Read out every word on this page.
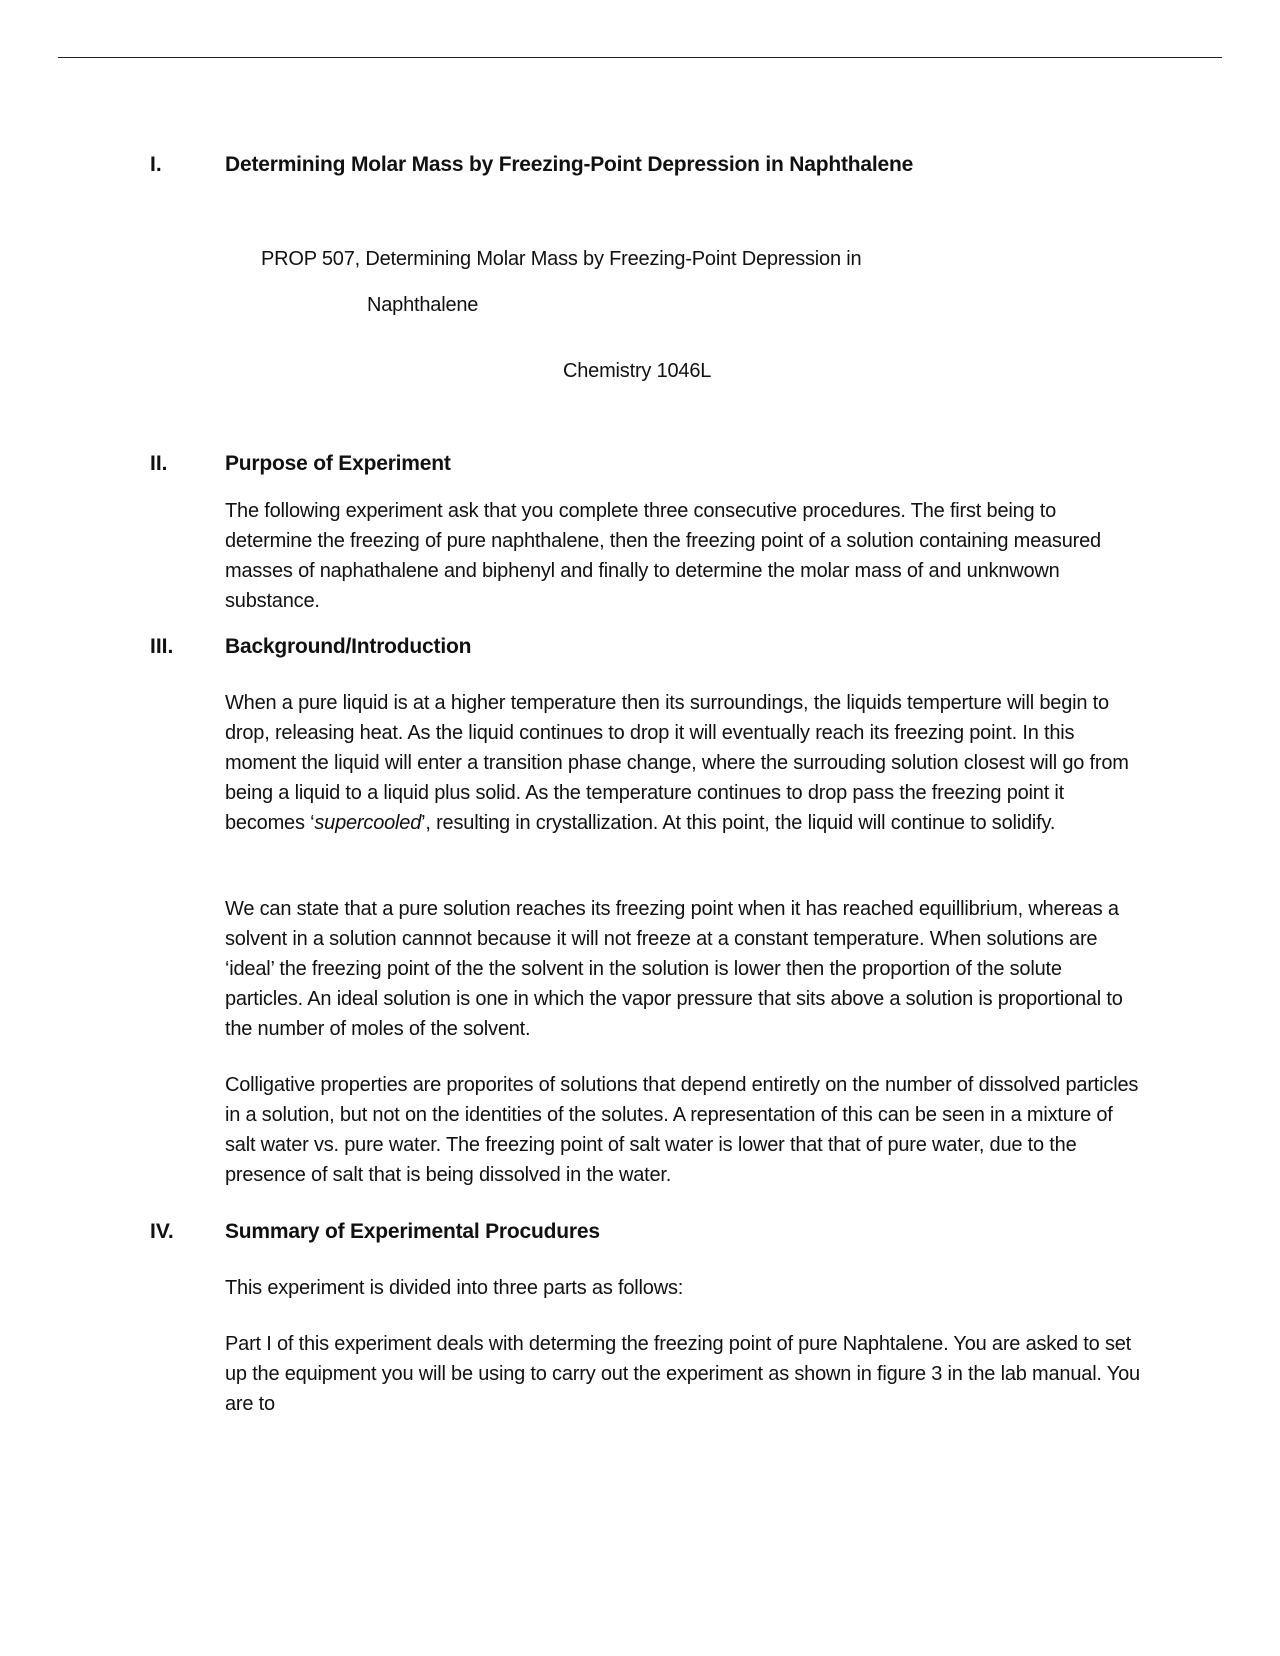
I.	Determining Molar Mass by Freezing-Point Depression in Naphthalene
PROP 507, Determining Molar Mass by Freezing-Point Depression in
Naphthalene
Chemistry 1046L
II.	Purpose of Experiment

The following experiment ask that you complete three consecutive procedures. The first being to determine the freezing of pure naphthalene, then the freezing point of a solution containing measured masses of naphathalene and biphenyl and finally to determine the molar mass of and unknwown substance.

III. Background/Introduction

When a pure liquid is at a higher temperature then its surroundings, the liquids temperture will begin to drop, releasing heat. As the liquid continues to drop it will eventually reach its freezing point. In this moment the liquid will enter a transition phase change, where the surrouding solution closest will go from being a liquid to a liquid plus solid. As the temperature continues to drop pass the freezing point it becomes ‘supercooled’, resulting in crystallization. At this point, the liquid will continue to solidify.

We can state that a pure solution reaches its freezing point when it has reached equillibrium, whereas a solvent in a solution cannnot because it will not freeze at a constant temperature. When solutions are ‘ideal’ the freezing point of the the solvent in the solution is lower then the proportion of the solute particles. An ideal solution is one in which the vapor pressure that sits above a solution is proportional to the number of moles of the solvent.

Colligative properties are proporites of solutions that depend entiretly on the number of dissolved particles in a solution, but not on the identities of the solutes. A representation of this can be seen in a mixture of salt water vs. pure water. The freezing point of salt water is lower that that of pure water, due to the presence of salt that is being dissolved in the water.

IV. Summary of Experimental Procudures

This experiment is divided into three parts as follows:

Part I of this experiment deals with determing the freezing point of pure Naphtalene. You are asked to set up the equipment you will be using to carry out the experiment as shown in figure 3 in the lab manual. You are to
